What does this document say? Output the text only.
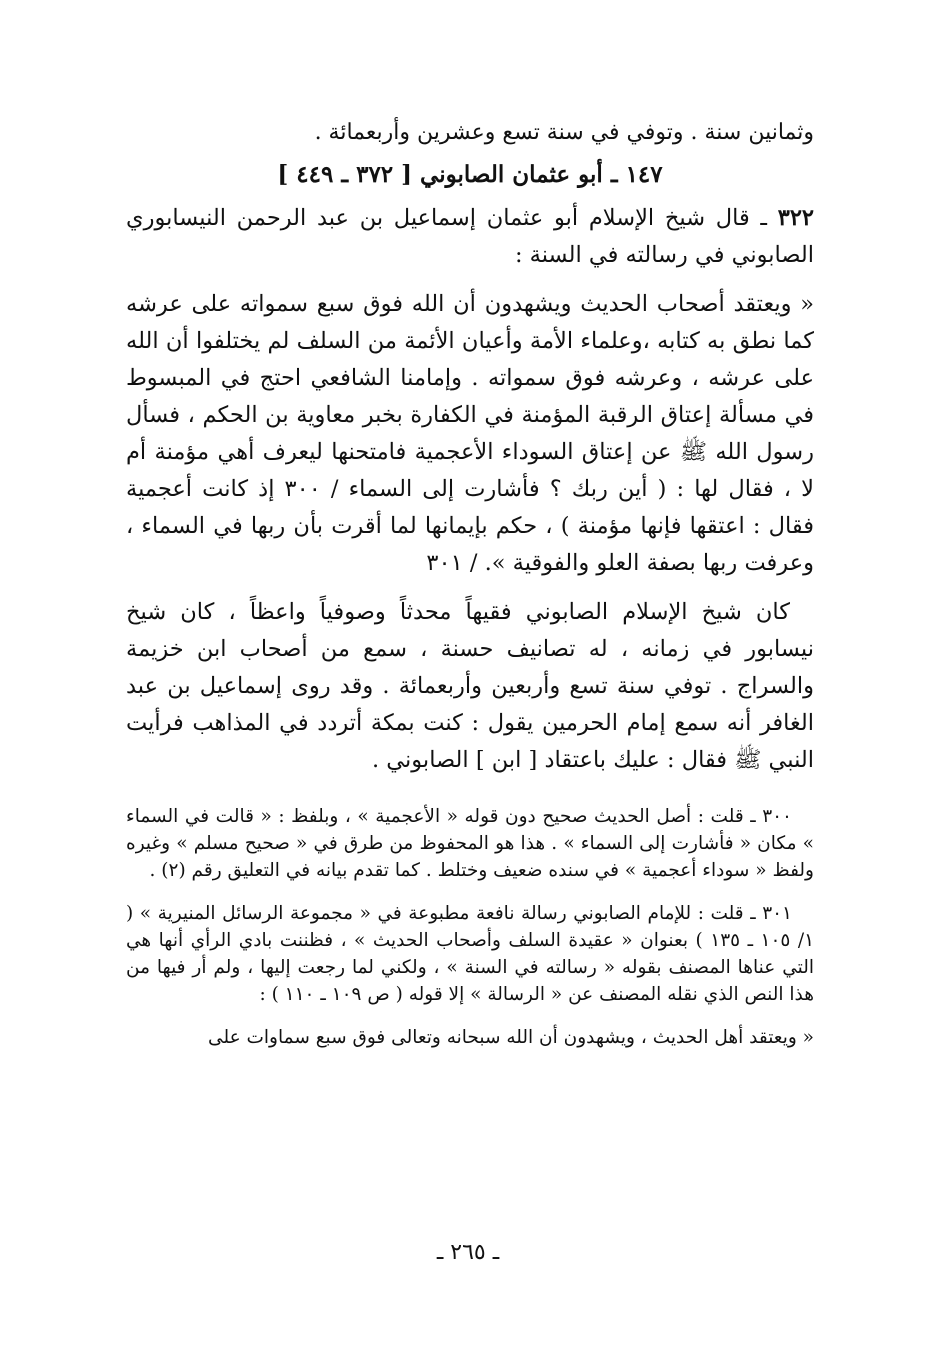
وثمانين سنة . وتوفي في سنة تسع وعشرين وأربعمائة .

١٤٧ ـ أبو عثمان الصابوني [ ٣٧٢ ـ ٤٤٩ ]

٣٢٢ ـ قال شيخ الإسلام أبو عثمان إسماعيل بن عبد الرحمن النيسابوري الصابوني في رسالته في السنة :

« ويعتقد أصحاب الحديث ويشهدون أن الله فوق سبع سمواته على عرشه كما نطق به كتابه ،وعلماء الأمة وأعيان الأئمة من السلف لم يختلفوا أن الله على عرشه ، وعرشه فوق سمواته . وإمامنا الشافعي احتج في المبسوط في مسألة إعتاق الرقبة المؤمنة في الكفارة بخبر معاوية بن الحكم ، فسأل رسول الله ﷺ عن إعتاق السوداء الأعجمية فامتحنها ليعرف أهي مؤمنة أم لا ، فقال لها : ( أين ربك ؟ فأشارت إلى السماء / ٣٠٠ إذ كانت أعجمية فقال : اعتقها فإنها مؤمنة ) ، حكم بإيمانها لما أقرت بأن ربها في السماء ، وعرفت ربها بصفة العلو والفوقية ». / ٣٠١

كان شيخ الإسلام الصابوني فقيهاً محدثاً وصوفياً واعظاً ، كان شيخ نيسابور في زمانه ، له تصانيف حسنة ، سمع من أصحاب ابن خزيمة والسراج . توفي سنة تسع وأربعين وأربعمائة . وقد روى إسماعيل بن عبد الغافر أنه سمع إمام الحرمين يقول : كنت بمكة أتردد في المذاهب فرأيت النبي ﷺ فقال : عليك باعتقاد [ ابن ] الصابوني .

٣٠٠ ـ قلت : أصل الحديث صحيح دون قوله « الأعجمية » ، وبلفظ : « قالت في السماء » مكان « فأشارت إلى السماء » . هذا هو المحفوظ من طرق في « صحيح مسلم » وغيره ولفظ « سوداء أعجمية » في سنده ضعيف وختلط . كما تقدم بيانه في التعليق رقم (٢) .

٣٠١ ـ قلت : للإمام الصابوني رسالة نافعة مطبوعة في « مجموعة الرسائل المنيرية » ( ١/ ١٠٥ ـ ١٣٥ ) بعنوان « عقيدة السلف وأصحاب الحديث » ، فظننت بادي الرأي أنها هي التي عناها المصنف بقوله « رسالته في السنة » ، ولكني لما رجعت إليها ، ولم أر فيها من هذا النص الذي نقله المصنف عن « الرسالة » إلا قوله ( ص ١٠٩ ـ ١١٠ ) :

« ويعتقد أهل الحديث ، ويشهدون أن الله سبحانه وتعالى فوق سبع سماوات على

ـ ٢٦٥ ـ
